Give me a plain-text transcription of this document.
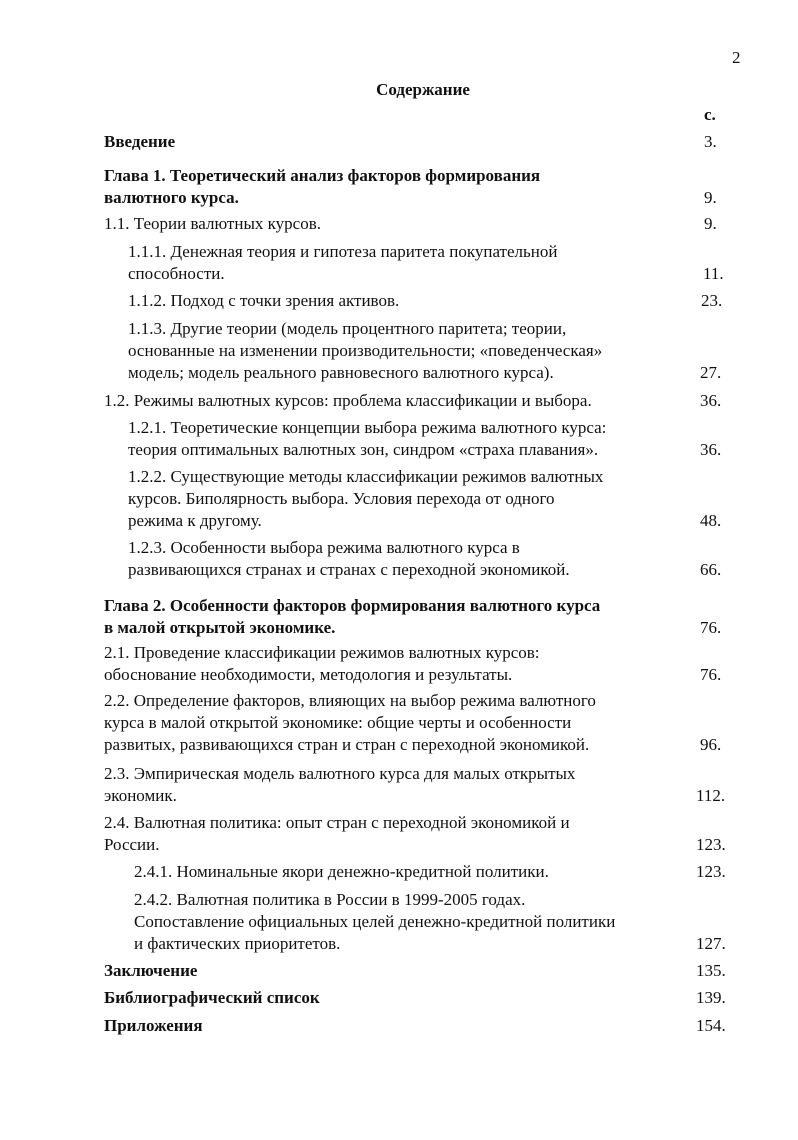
2
Содержание
с.
Введение	3.
Глава 1. Теоретический анализ факторов формирования
валютного курса.	9.
1.1. Теории валютных курсов.	9.
1.1.1. Денежная теория и гипотеза паритета покупательной
способности.	11.
1.1.2. Подход с точки зрения активов.	23.
1.1.3. Другие теории (модель процентного паритета; теории,
основанные на изменении производительности; «поведенческая»
модель; модель реального равновесного валютного курса).	27.
1.2. Режимы валютных курсов: проблема классификации и выбора.	36.
1.2.1. Теоретические концепции выбора режима валютного курса:
теория оптимальных валютных зон, синдром «страха плавания».	36.
1.2.2. Существующие методы классификации режимов валютных
курсов. Биполярность выбора. Условия перехода от одного
режима к другому.	48.
1.2.3. Особенности выбора режима валютного курса в
развивающихся странах и странах с переходной экономикой.	66.
Глава 2. Особенности факторов формирования валютного курса
в малой открытой экономике.	76.
2.1. Проведение классификации режимов валютных курсов:
обоснование необходимости, методология и результаты.	76.
2.2. Определение факторов, влияющих на выбор режима валютного
курса в малой открытой экономике: общие черты и особенности
развитых, развивающихся стран и стран с переходной экономикой.	96.
2.3. Эмпирическая модель валютного курса для малых открытых
экономик.	112.
2.4. Валютная политика: опыт стран с переходной экономикой и
России.	123.
2.4.1. Номинальные якори денежно-кредитной политики.	123.
2.4.2. Валютная политика в России в 1999-2005 годах.
Сопоставление официальных целей денежно-кредитной политики
и фактических приоритетов.	127.
Заключение	135.
Библиографический список	139.
Приложения	154.
